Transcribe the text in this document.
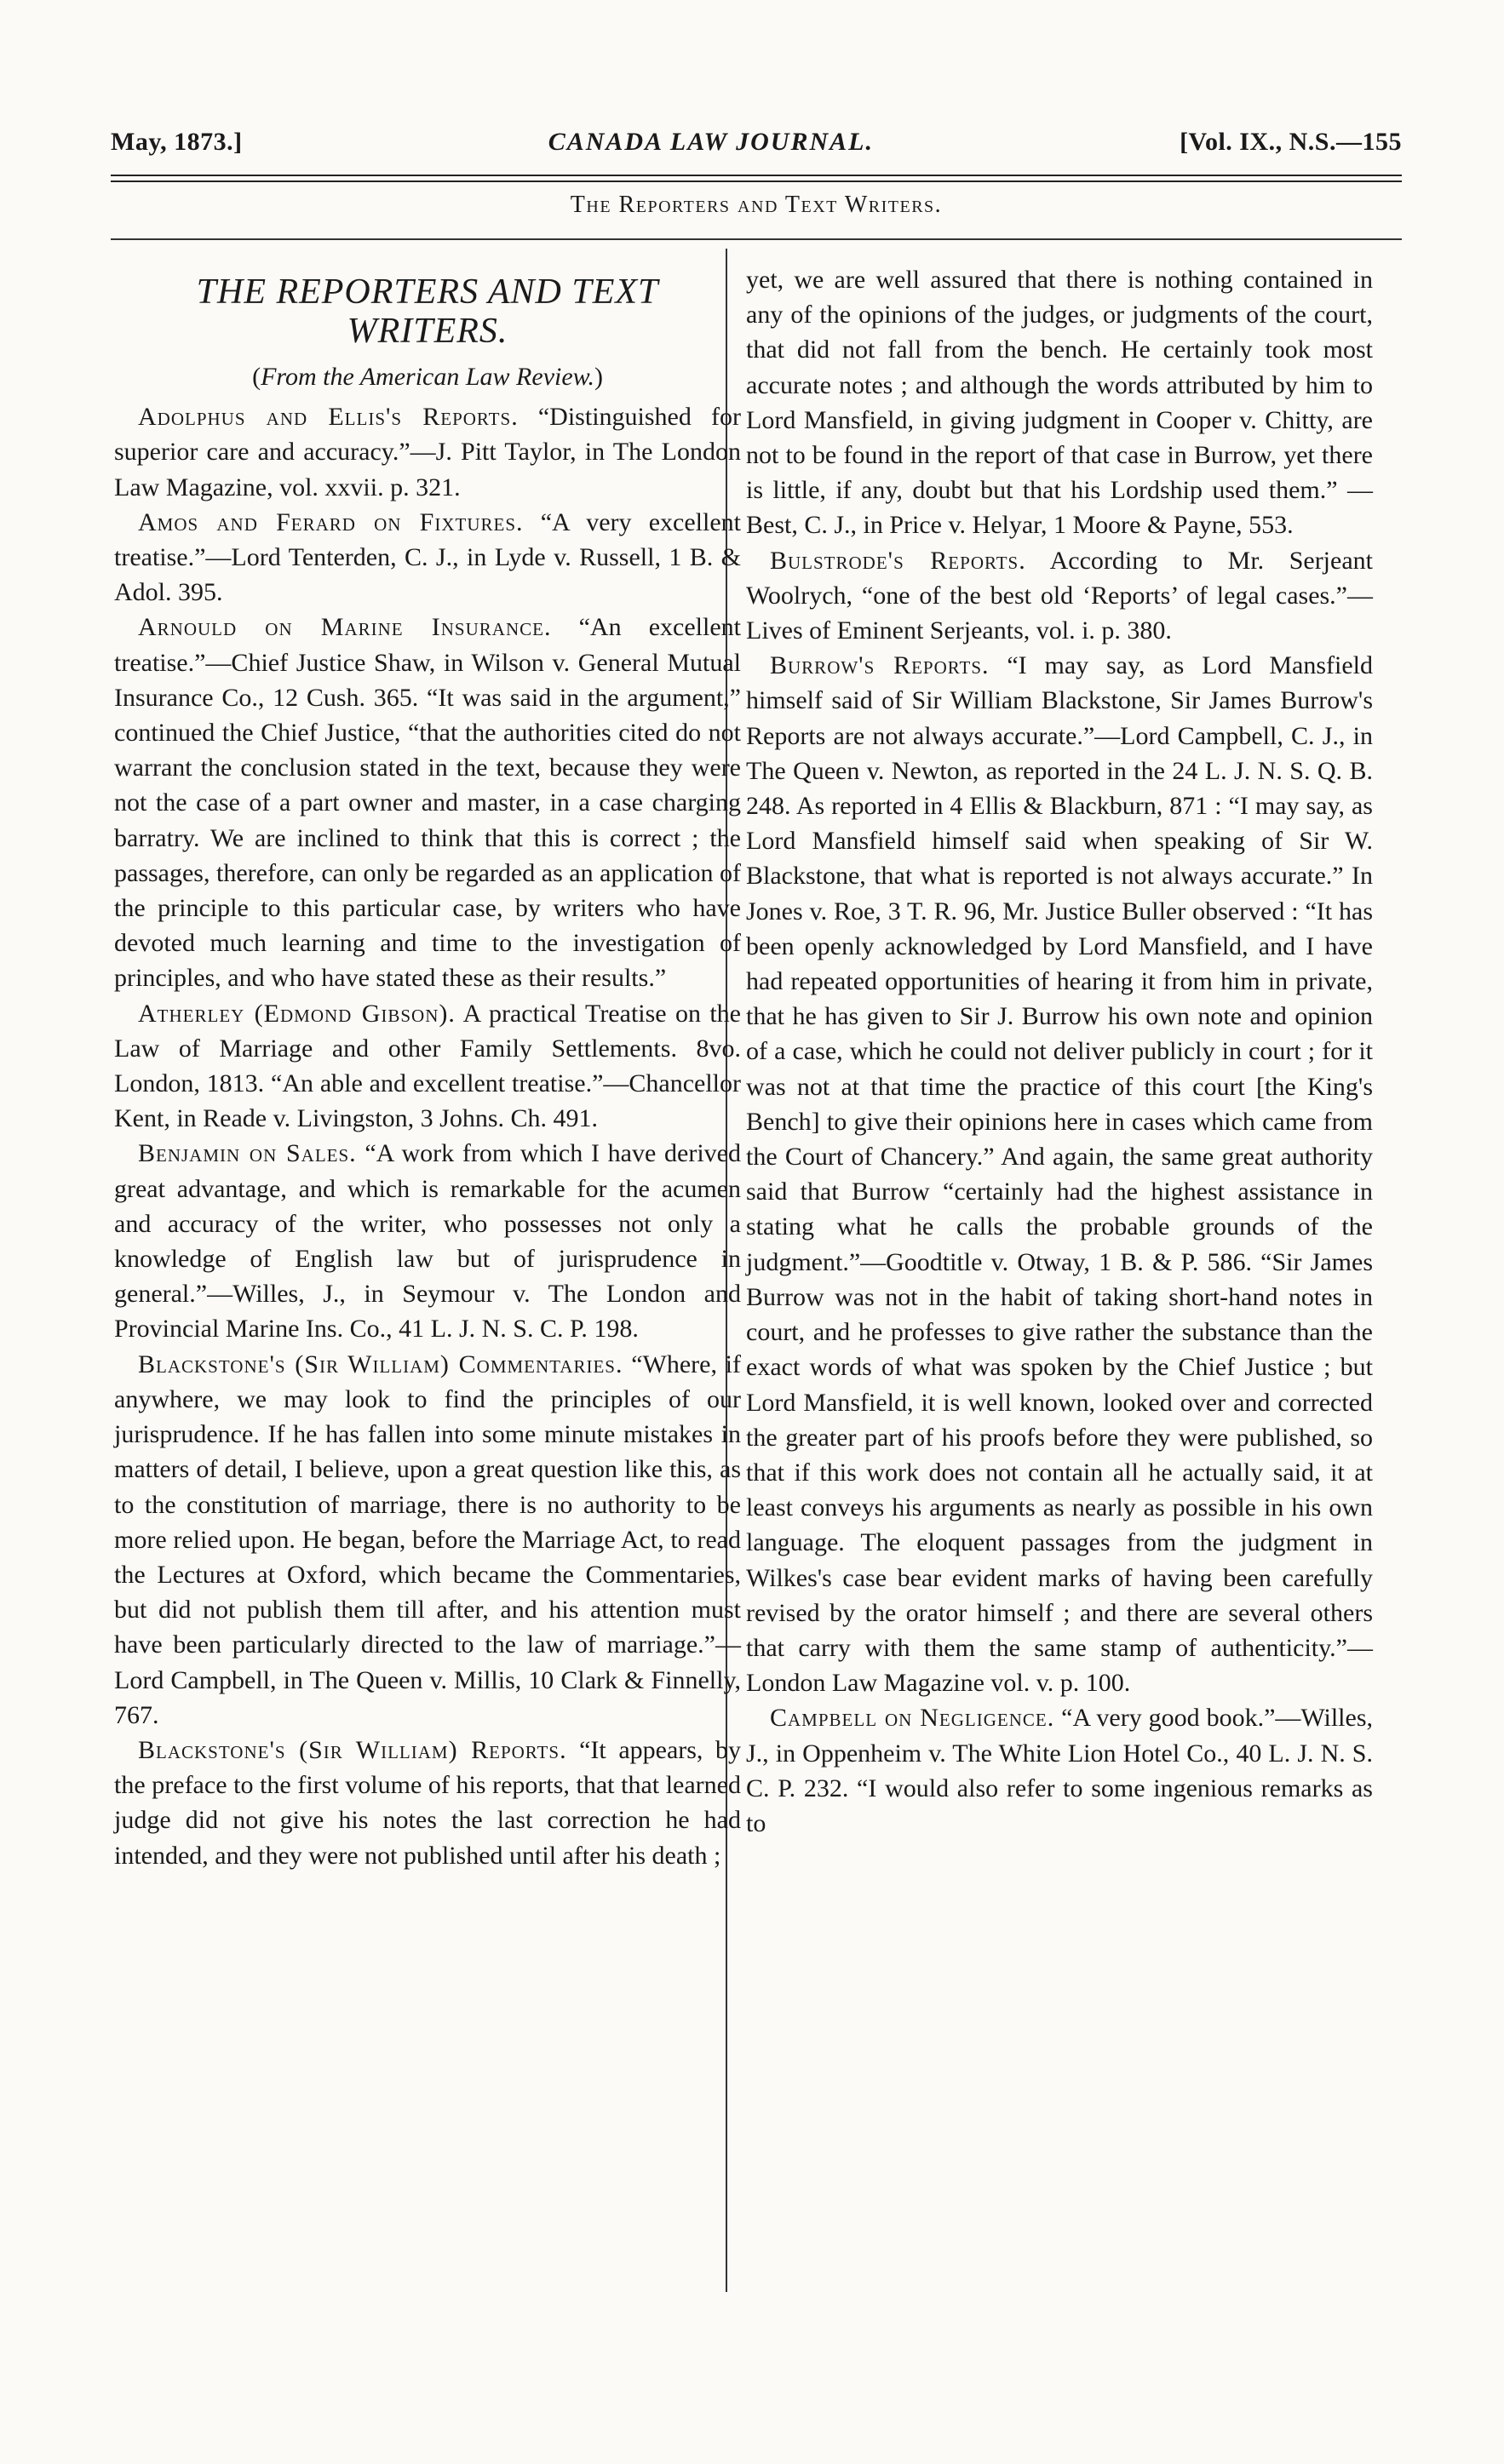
May, 1873.]	CANADA LAW JOURNAL.	[Vol. IX., N.S.—155
The Reporters and Text Writers.
THE REPORTERS AND TEXT
WRITERS.
(From the American Law Review.)

Adolphus and Ellis's Reports. “Distinguished for superior care and accuracy.”—J. Pitt Taylor, in The London Law Magazine, vol. xxvii. p. 321.

Amos and Ferard on Fixtures. “A very excellent treatise.”—Lord Tenterden, C. J., in Lyde v. Russell, 1 B. & Adol. 395.

Arnould on Marine Insurance. “An excellent treatise.”—Chief Justice Shaw, in Wilson v. General Mutual Insurance Co., 12 Cush. 365. “It was said in the argument,” continued the Chief Justice, “that the authorities cited do not warrant the conclusion stated in the text, because they were not the case of a part owner and master, in a case charging barratry. We are inclined to think that this is correct ; the passages, therefore, can only be regarded as an application of the principle to this particular case, by writers who have devoted much learning and time to the investigation of principles, and who have stated these as their results.”

Atherley (Edmond Gibson). A practical Treatise on the Law of Marriage and other Family Settlements. 8vo. London, 1813. “An able and excellent treatise.”—Chancellor Kent, in Reade v. Livingston, 3 Johns. Ch. 491.

Benjamin on Sales. “A work from which I have derived great advantage, and which is remarkable for the acumen and accuracy of the writer, who possesses not only a knowledge of English law but of jurisprudence in general.”—Willes, J., in Seymour v. The London and Provincial Marine Ins. Co., 41 L. J. N. S. C. P. 198.

Blackstone's (Sir William) Commentaries. “Where, if anywhere, we may look to find the principles of our jurisprudence. If he has fallen into some minute mistakes in matters of detail, I believe, upon a great question like this, as to the constitution of marriage, there is no authority to be more relied upon. He began, before the Marriage Act, to read the Lectures at Oxford, which became the Commentaries, but did not publish them till after, and his attention must have been particularly directed to the law of marriage.”—Lord Campbell, in The Queen v. Millis, 10 Clark & Finnelly, 767.

Blackstone's (Sir William) Reports. “It appears, by the preface to the first volume of his reports, that that learned judge did not give his notes the last correction he had intended, and they were not published until after his death ;

yet, we are well assured that there is nothing contained in any of the opinions of the judges, or judgments of the court, that did not fall from the bench. He certainly took most accurate notes ; and although the words attributed by him to Lord Mansfield, in giving judgment in Cooper v. Chitty, are not to be found in the report of that case in Burrow, yet there is little, if any, doubt but that his Lordship used them.” —Best, C. J., in Price v. Helyar, 1 Moore & Payne, 553.

Bulstrode's Reports. According to Mr. Serjeant Woolrych, “one of the best old ‘Reports’ of legal cases.”—Lives of Eminent Serjeants, vol. i. p. 380.

Burrow's Reports. “I may say, as Lord Mansfield himself said of Sir William Blackstone, Sir James Burrow's Reports are not always accurate.”—Lord Campbell, C. J., in The Queen v. Newton, as reported in the 24 L. J. N. S. Q. B. 248. As reported in 4 Ellis & Blackburn, 871 : “I may say, as Lord Mansfield himself said when speaking of Sir W. Blackstone, that what is reported is not always accurate.” In Jones v. Roe, 3 T. R. 96, Mr. Justice Buller observed : “It has been openly acknowledged by Lord Mansfield, and I have had repeated opportunities of hearing it from him in private, that he has given to Sir J. Burrow his own note and opinion of a case, which he could not deliver publicly in court ; for it was not at that time the practice of this court [the King's Bench] to give their opinions here in cases which came from the Court of Chancery.” And again, the same great authority said that Burrow “certainly had the highest assistance in stating what he calls the probable grounds of the judgment.”—Goodtitle v. Otway, 1 B. & P. 586. “Sir James Burrow was not in the habit of taking short-hand notes in court, and he professes to give rather the substance than the exact words of what was spoken by the Chief Justice ; but Lord Mansfield, it is well known, looked over and corrected the greater part of his proofs before they were published, so that if this work does not contain all he actually said, it at least conveys his arguments as nearly as possible in his own language. The eloquent passages from the judgment in Wilkes's case bear evident marks of having been carefully revised by the orator himself ; and there are several others that carry with them the same stamp of authenticity.”—London Law Magazine vol. v. p. 100.

Campbell on Negligence. “A very good book.”—Willes, J., in Oppenheim v. The White Lion Hotel Co., 40 L. J. N. S. C. P. 232. “I would also refer to some ingenious remarks as to
